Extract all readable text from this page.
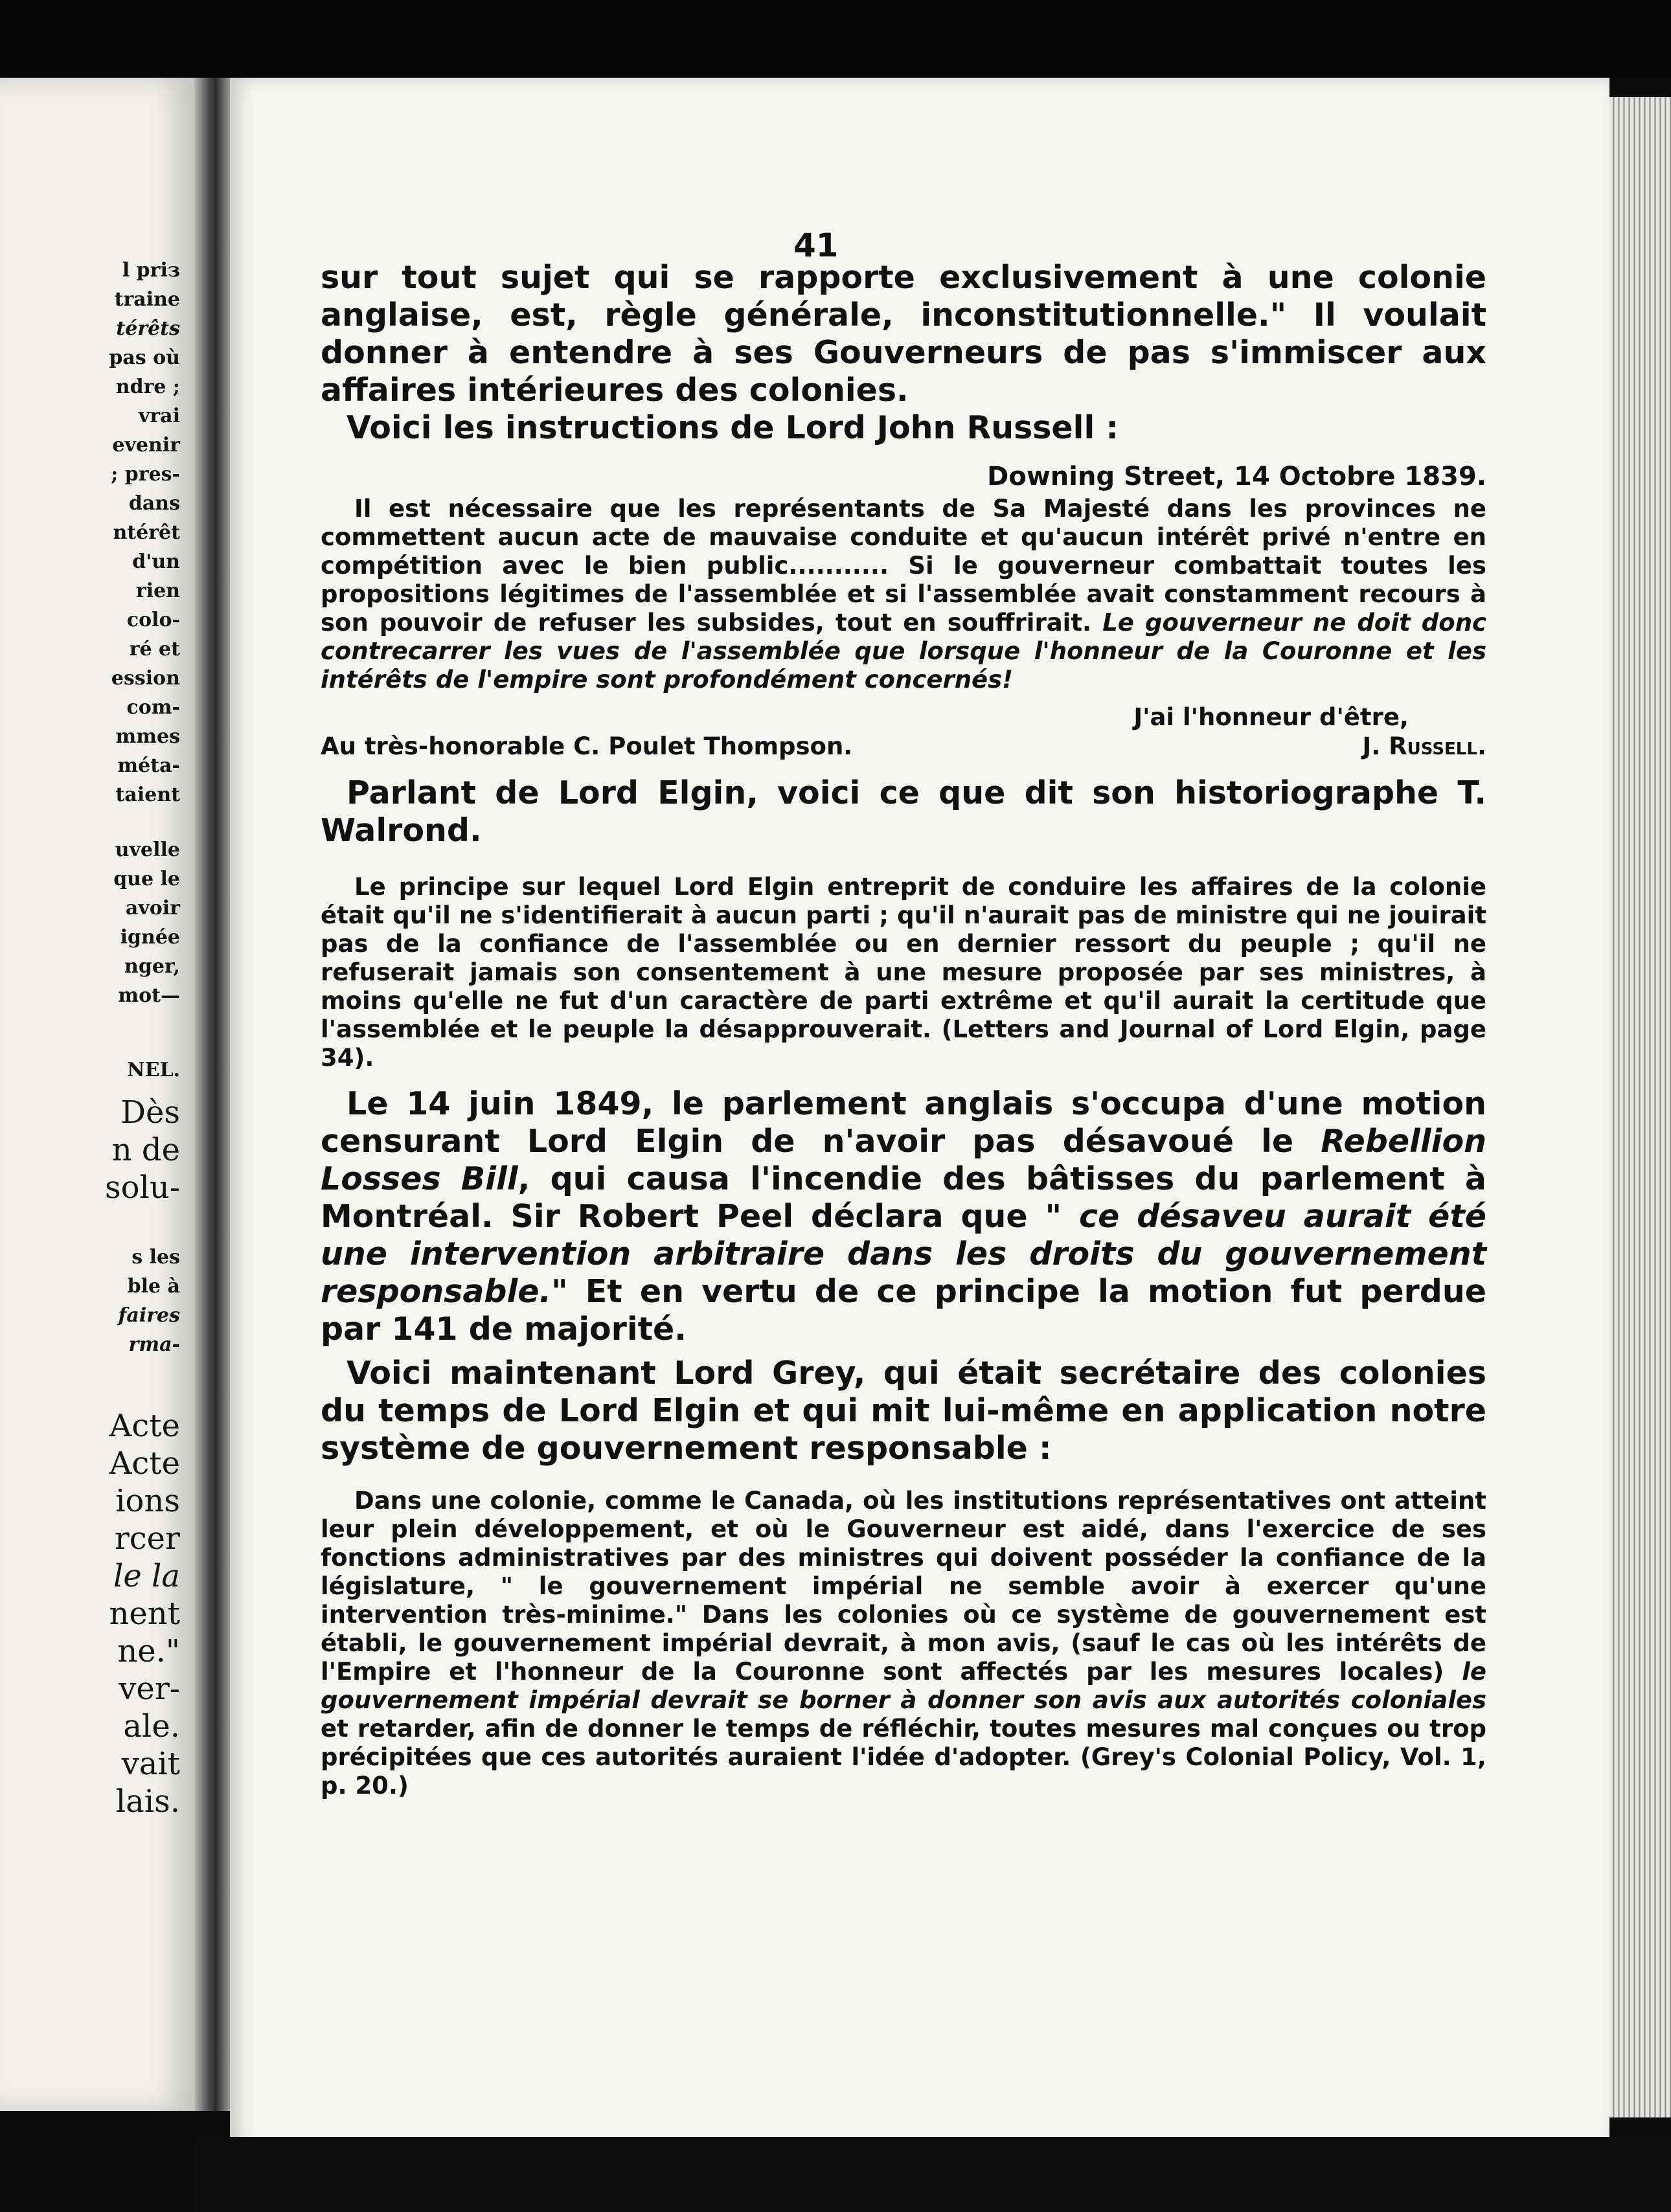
l priз
traine
térêts
pas où
ndre ;
vrai
evenir
; pres-
dans
ntérêt
d'un
rien
colo-
ré et
ession
com-
mmes
méta-
taient
uvelle
que le
avoir
ignée
nger,
mot—
NEL.
Dès
n de
solu-
s les
ble à
faires
rma-
Acte
Acte
ions
rcer
le la
nent
ne."
ver-
ale.
vait
lais.
41

sur tout sujet qui se rapporte exclusivement à une colonie anglaise, est, règle générale, inconstitutionnelle." Il voulait donner à entendre à ses Gouverneurs de pas s'immiscer aux affaires intérieures des colonies.

Voici les instructions de Lord John Russell :

Downing Street, 14 Octobre 1839.

Il est nécessaire que les représentants de Sa Majesté dans les provinces ne commettent aucun acte de mauvaise conduite et qu'aucun intérêt privé n'entre en compétition avec le bien public........... Si le gouverneur combattait toutes les propositions légitimes de l'assemblée et si l'assemblée avait constamment recours à son pouvoir de refuser les subsides, tout en souffrirait. Le gouverneur ne doit donc contrecarrer les vues de l'assemblée que lorsque l'honneur de la Couronne et les intérêts de l'empire sont profondément concernés!

J'ai l'honneur d'être,
Au très-honorable C. Poulet Thompson.	J. Russell.

Parlant de Lord Elgin, voici ce que dit son historiographe T. Walrond.

Le principe sur lequel Lord Elgin entreprit de conduire les affaires de la colonie était qu'il ne s'identifierait à aucun parti ; qu'il n'aurait pas de ministre qui ne jouirait pas de la confiance de l'assemblée ou en dernier ressort du peuple ; qu'il ne refuserait jamais son consentement à une mesure proposée par ses ministres, à moins qu'elle ne fut d'un caractère de parti extrême et qu'il aurait la certitude que l'assemblée et le peuple la désapprouverait. (Letters and Journal of Lord Elgin, page 34).

Le 14 juin 1849, le parlement anglais s'occupa d'une motion censurant Lord Elgin de n'avoir pas désavoué le Rebellion Losses Bill, qui causa l'incendie des bâtisses du parlement à Montréal. Sir Robert Peel déclara que " ce désaveu aurait été une intervention arbitraire dans les droits du gouvernement responsable." Et en vertu de ce principe la motion fut perdue par 141 de majorité.

Voici maintenant Lord Grey, qui était secrétaire des colonies du temps de Lord Elgin et qui mit lui-même en application notre système de gouvernement responsable :

Dans une colonie, comme le Canada, où les institutions représentatives ont atteint leur plein développement, et où le Gouverneur est aidé, dans l'exercice de ses fonctions administratives par des ministres qui doivent posséder la confiance de la législature, " le gouvernement impérial ne semble avoir à exercer qu'une intervention très-minime." Dans les colonies où ce système de gouvernement est établi, le gouvernement impérial devrait, à mon avis, (sauf le cas où les intérêts de l'Empire et l'honneur de la Couronne sont affectés par les mesures locales) le gouvernement impérial devrait se borner à donner son avis aux autorités coloniales et retarder, afin de donner le temps de réfléchir, toutes mesures mal conçues ou trop précipitées que ces autorités auraient l'idée d'adopter. (Grey's Colonial Policy, Vol. 1, p. 20.)
